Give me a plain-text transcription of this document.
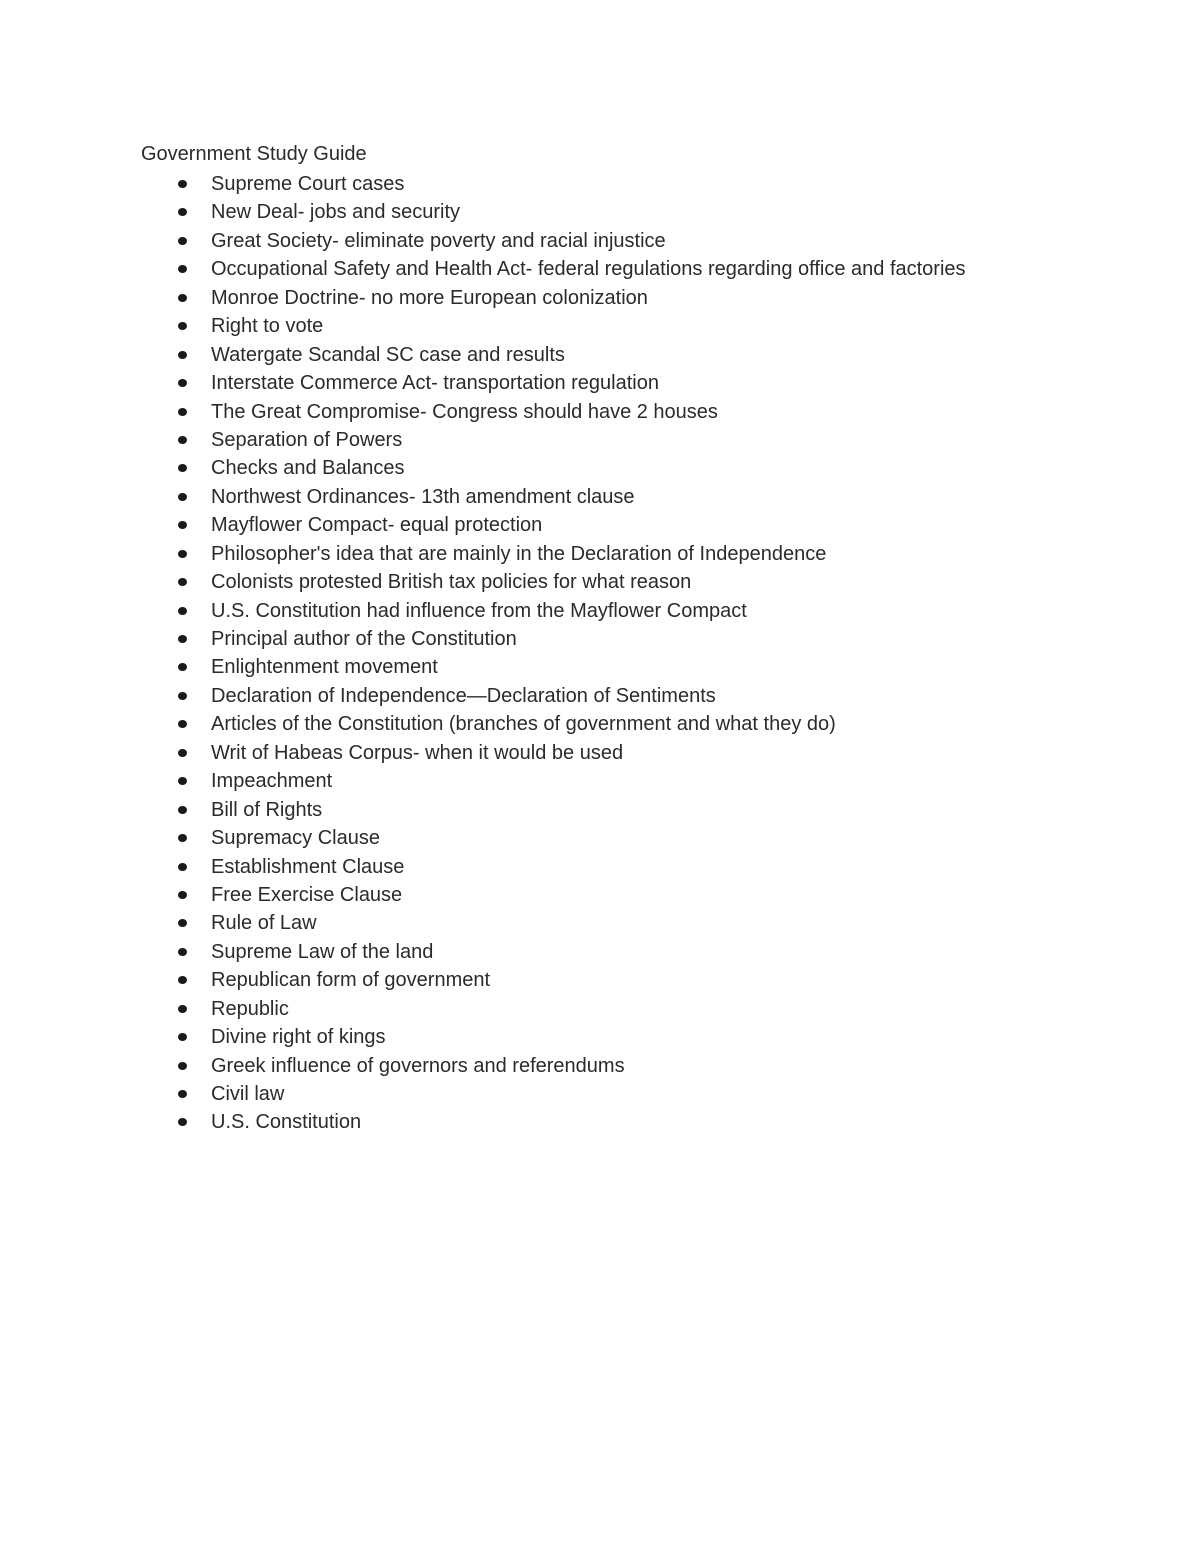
Government Study Guide
Supreme Court cases
New Deal- jobs and security
Great Society- eliminate poverty and racial injustice
Occupational Safety and Health Act- federal regulations regarding office and factories
Monroe Doctrine- no more European colonization
Right to vote
Watergate Scandal SC case and results
Interstate Commerce Act- transportation regulation
The Great Compromise- Congress should have 2 houses
Separation of Powers
Checks and Balances
Northwest Ordinances- 13th amendment clause
Mayflower Compact- equal protection
Philosopher's idea that are mainly in the Declaration of Independence
Colonists protested British tax policies for what reason
U.S. Constitution had influence from the Mayflower Compact
Principal author of the Constitution
Enlightenment movement
Declaration of Independence—Declaration of Sentiments
Articles of the Constitution (branches of government and what they do)
Writ of Habeas Corpus- when it would be used
Impeachment
Bill of Rights
Supremacy Clause
Establishment Clause
Free Exercise Clause
Rule of Law
Supreme Law of the land
Republican form of government
Republic
Divine right of kings
Greek influence of governors and referendums
Civil law
U.S. Constitution
